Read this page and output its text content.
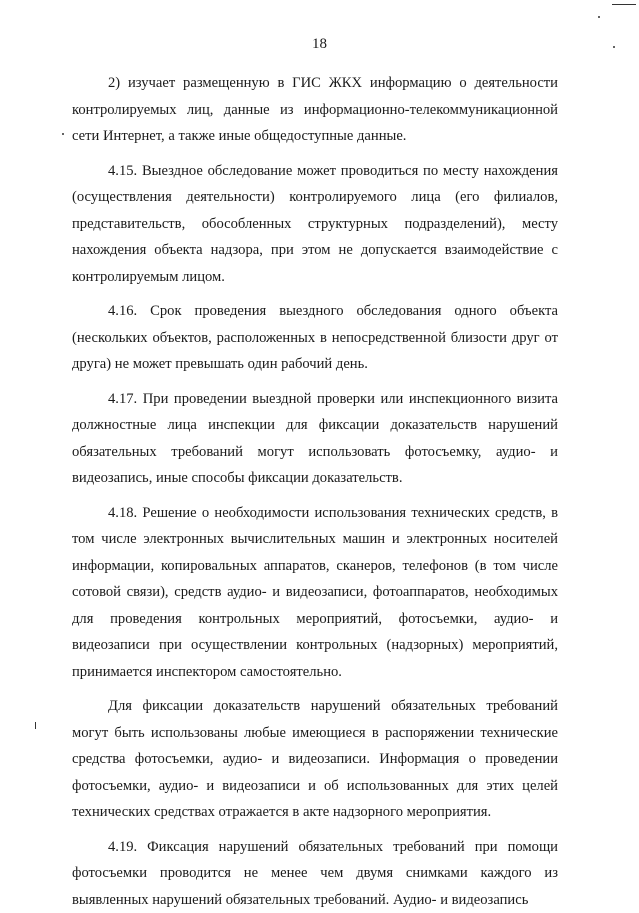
18

2) изучает размещенную в ГИС ЖКХ информацию о деятельности контролируемых лиц, данные из информационно-телекоммуникационной сети Интернет, а также иные общедоступные данные.

4.15. Выездное обследование может проводиться по месту нахождения (осуществления деятельности) контролируемого лица (его филиалов, представительств, обособленных структурных подразделений), месту нахождения объекта надзора, при этом не допускается взаимодействие с контролируемым лицом.

4.16. Срок проведения выездного обследования одного объекта (нескольких объектов, расположенных в непосредственной близости друг от друга) не может превышать один рабочий день.

4.17. При проведении выездной проверки или инспекционного визита должностные лица инспекции для фиксации доказательств нарушений обязательных требований могут использовать фотосъемку, аудио- и видеозапись, иные способы фиксации доказательств.

4.18. Решение о необходимости использования технических средств, в том числе электронных вычислительных машин и электронных носителей информации, копировальных аппаратов, сканеров, телефонов (в том числе сотовой связи), средств аудио- и видеозаписи, фотоаппаратов, необходимых для проведения контрольных мероприятий, фотосъемки, аудио- и видеозаписи при осуществлении контрольных (надзорных) мероприятий, принимается инспектором самостоятельно.

Для фиксации доказательств нарушений обязательных требований могут быть использованы любые имеющиеся в распоряжении технические средства фотосъемки, аудио- и видеозаписи. Информация о проведении фотосъемки, аудио- и видеозаписи и об использованных для этих целей технических средствах отражается в акте надзорного мероприятия.

4.19. Фиксация нарушений обязательных требований при помощи фотосъемки проводится не менее чем двумя снимками каждого из выявленных нарушений обязательных требований. Аудио- и видеозапись
